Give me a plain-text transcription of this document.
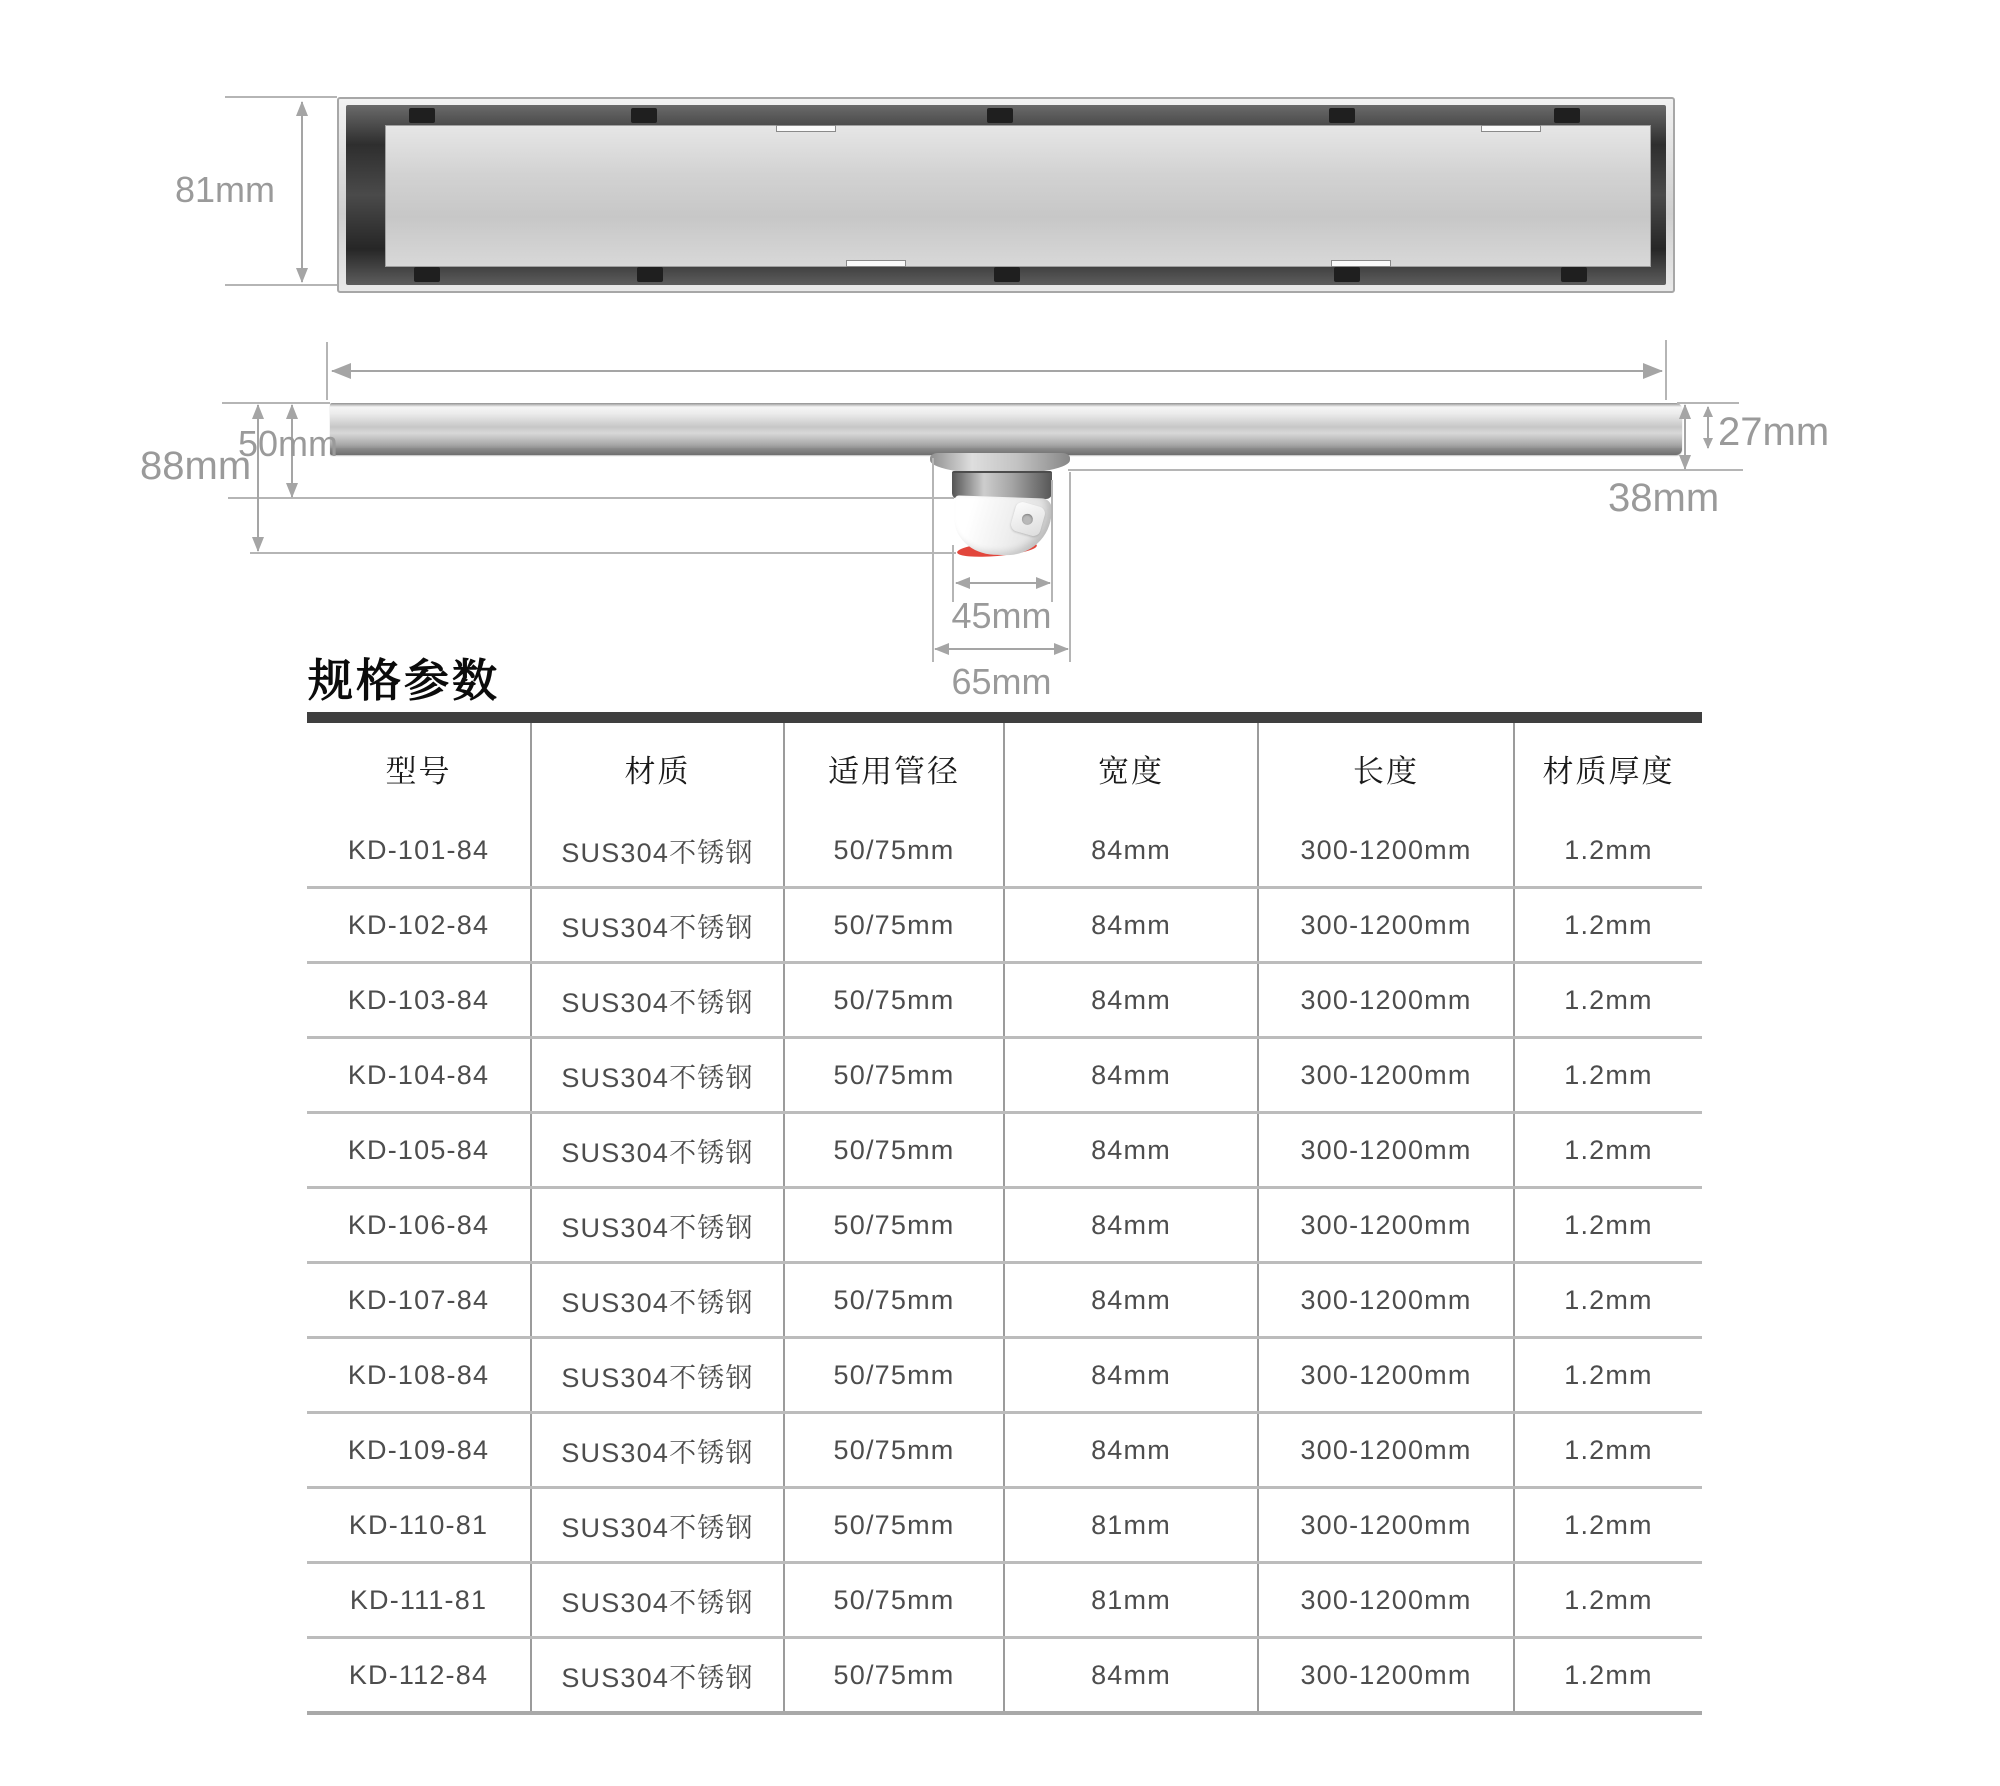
81mm
50mm
88mm
27mm
38mm
45mm
65mm
规格参数
型号	材质	适用管径	宽度	长度	材质厚度
KD-101-84	SUS304不锈钢	50/75mm	84mm	300-1200mm	1.2mm
KD-102-84	SUS304不锈钢	50/75mm	84mm	300-1200mm	1.2mm
KD-103-84	SUS304不锈钢	50/75mm	84mm	300-1200mm	1.2mm
KD-104-84	SUS304不锈钢	50/75mm	84mm	300-1200mm	1.2mm
KD-105-84	SUS304不锈钢	50/75mm	84mm	300-1200mm	1.2mm
KD-106-84	SUS304不锈钢	50/75mm	84mm	300-1200mm	1.2mm
KD-107-84	SUS304不锈钢	50/75mm	84mm	300-1200mm	1.2mm
KD-108-84	SUS304不锈钢	50/75mm	84mm	300-1200mm	1.2mm
KD-109-84	SUS304不锈钢	50/75mm	84mm	300-1200mm	1.2mm
KD-110-81	SUS304不锈钢	50/75mm	81mm	300-1200mm	1.2mm
KD-111-81	SUS304不锈钢	50/75mm	81mm	300-1200mm	1.2mm
KD-112-84	SUS304不锈钢	50/75mm	84mm	300-1200mm	1.2mm
